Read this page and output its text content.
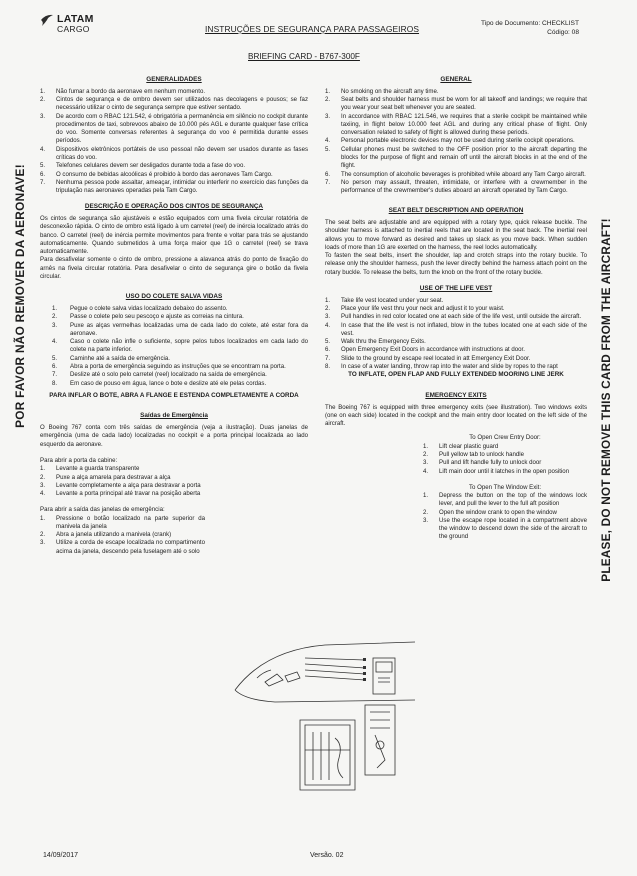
LATAM
CARGO	INSTRUÇÕES DE SEGURANÇA PARA PASSAGEIROS
Tipo de Documento: CHECKLIST

Código: 08
BRIEFING CARD - B767-300F
POR FAVOR NÃO REMOVER DA AERONAVE!	PLEASE, DO NOT REMOVE THIS CARD FROM THE AIRCRAFT!
GENERALIDADES
1.	Não fumar a bordo da aeronave em nenhum momento.
2.	Cintos de segurança e de ombro devem ser utilizados nas decolagens e pousos; se faz necessário utilizar o cinto de segurança sempre que estiver sentado.
3.	De acordo com o RBAC 121.542, é obrigatória a permanência em silêncio no cockpit durante procedimentos de taxi, sobrevoos abaixo de 10.000 pés AGL e durante qualquer fase crítica do voo. Somente conversas referentes à segurança do voo é permitida durante esses períodos.
4.	Dispositivos eletrônicos portáteis de uso pessoal não devem ser usados durante as fases críticas do voo.
5.	Telefones celulares devem ser desligados durante toda a fase do voo.
6.	O consumo de bebidas alcoólicas é proibido à bordo das aeronaves Tam Cargo.
7.	Nenhuma pessoa pode assaltar, ameaçar, intimidar ou interferir no exercício das funções da tripulação nas aeronaves operadas pela Tam Cargo.
DESCRIÇÃO E OPERAÇÃO DOS CINTOS DE SEGURANÇA

Os cintos de segurança são ajustáveis e estão equipados com uma fivela circular rotatória de desconexão rápida. O cinto de ombro está ligado à um carretel (reel) de inércia localizado atrás do banco. O carretel (reel) de inércia permite movimentos para frente e voltar para trás se ajustando automaticamente. Quando submetidos à uma força maior que 1G o carretel (reel) se trava automaticamente.

Para desafivelar somente o cinto de ombro, pressione a alavanca atrás do ponto de fixação do arnês na fivela circular rotatória. Para desafivelar o cinto de segurança gire o botão da fivela circular.

USO DO COLETE SALVA VIDAS
1.	Pegue o colete salva vidas localizado debaixo do assento.
2.	Passe o colete pelo seu pescoço e ajuste as correias na cintura.
3.	Puxe as alças vermelhas localizadas uma de cada lado do colete, até estar fora da aeronave.
4.	Caso o colete não infle o suficiente, sopre pelos tubos localizados em cada lado do colete na parte inferior.
5.	Caminhe até a saída de emergência.
6.	Abra a porta de emergência seguindo as instruções que se encontram na porta.
7.	Deslize até o solo pelo carretel (reel) localizado na saída de emergência.
8.	Em caso de pouso em água, lance o bote e deslize até ele pelas cordas.
PARA INFLAR O BOTE, ABRA A FLANGE E ESTENDA COMPLETAMENTE A CORDA
Saídas de Emergência

O Boeing 767 conta com três saídas de emergência (veja a ilustração). Duas janelas de emergência (uma de cada lado) localizadas no cockpit e a porta principal localizada ao lado esquerdo da aeronave.

Para abrir a porta da cabine:

1.	Levante a guarda transparente
2.	Puxe a alça amarela para destravar a alça
3.	Levante completamente a alça para destravar a porta
4.	Levante a porta principal até travar na posição aberta

Para abrir a saída das janelas de emergência:

1.	Pressione o botão localizado na parte superior da manivela da janela
2.	Abra a janela utilizando a manivela (crank)
3.	Utilize a corda de escape localizada no compartimento acima da janela, descendo pela fuselagem até o solo
GENERAL
1.	No smoking on the aircraft any time.
2.	Seat belts and shoulder harness must be worn for all takeoff and landings; we require that you wear your seat belt whenever you are seated.
3.	In accordance with RBAC 121.546, we requires that a sterile cockpit be maintained while taxiing, in flight below 10.000 feet AGL and during any critical phase of flight. Only conversation related to safety of flight is allowed during these periods.
4.	Personal portable electronic devices may not be used during sterile cockpit operations.
5.	Cellular phones must be switched to the OFF position prior to the aircraft departing the blocks for the purpose of flight and remain off until the aircraft blocks in at the end of the flight.
6.	The consumption of alcoholic beverages is prohibited while aboard any Tam Cargo aircraft.
7.	No person may assault, threaten, intimidate, or interfere with a crewmember in the performance of the crewmember's duties aboard an aircraft operated by Tam Cargo.
SEAT BELT DESCRIPTION AND OPERATION

The seat belts are adjustable and are equipped with a rotary type, quick release buckle. The shoulder harness is attached to inertial reels that are located in the seat back. The inertial reel allows you to move forward as desired and takes up slack as you move back. When sudden loads of more than 1G are exerted on the harness, the reel locks automatically.

To fasten the seat belts, insert the shoulder, lap and crotch straps into the rotary buckle. To release only the shoulder harness, push the lever directly behind the harness attach point on the rotary buckle. To release the belts, turn the knob on the front of the rotary buckle.

USE OF THE LIFE VEST
1.	Take life vest located under your seat.
2.	Place your life vest thru your neck and adjust it to your waist.
3.	Pull handles in red color located one at each side of the life vest, until outside the aircraft.
4.	In case that the life vest is not inflated, blow in the tubes located one at each side of the vest.
5.	Walk thru the Emergency Exits.
6.	Open Emergency Exit Doors in accordance with instructions at door.
7.	Slide to the ground by escape reel located in att Emergency Exit Door.
8.	In case of a water landing, throw rap into the water and slide by ropes to the rapt
TO INFLATE, OPEN FLAP AND FULLY EXTENDED MOORING LINE JERK
EMERGENCY EXITS

The Boeing 767 is equipped with three emergency exits (see illustration). Two windows exits (one on each side) located in the cockpit and the main entry door located on the left side of the aircraft.

To Open Crew Entry Door:

1.	Lift clear plastic guard
2.	Pull yellow tab to unlock handle
3.	Pull and lift handle fully to unlock door
4.	Lift main door until it latches in the open position

To Open The Window Exit:

1.	Depress the button on the top of the windows lock lever, and pull the lever to the full aft position
2.	Open the window crank to open the window
3.	Use the escape rope located in a compartment above the window to descend down the side of the aircraft to the ground
14/09/2017	Versão. 02
